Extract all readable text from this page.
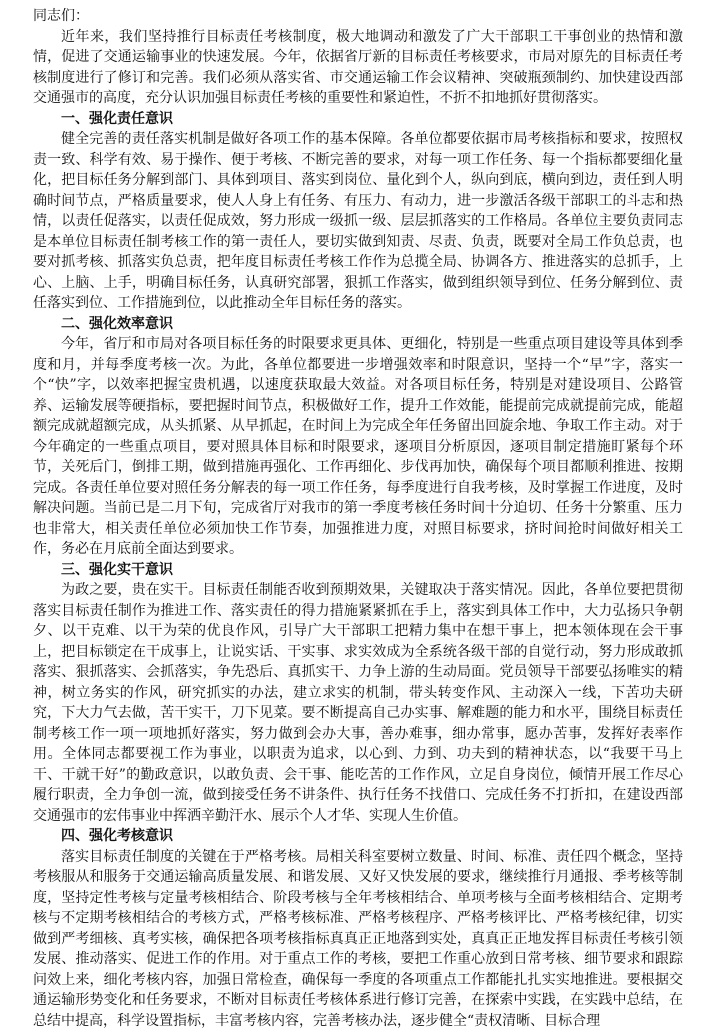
同志们：

近年来，我们坚持推行目标责任考核制度，极大地调动和激发了广大干部职工干事创业的热情和激情，促进了交通运输事业的快速发展。今年，依据省厅新的目标责任考核要求，市局对原先的目标责任考核制度进行了修订和完善。我们必须从落实省、市交通运输工作会议精神、突破瓶颈制约、加快建设西部交通强市的高度，充分认识加强目标责任考核的重要性和紧迫性，不折不扣地抓好贯彻落实。

一、强化责任意识

健全完善的责任落实机制是做好各项工作的基本保障。各单位都要依据市局考核指标和要求，按照权责一致、科学有效、易于操作、便于考核、不断完善的要求，对每一项工作任务、每一个指标都要细化量化，把目标任务分解到部门、具体到项目、落实到岗位、量化到个人，纵向到底，横向到边，责任到人明确时间节点，严格质量要求，使人人身上有任务、有压力、有动力，进一步激活各级干部职工的斗志和热情，以责任促落实，以责任促成效，努力形成一级抓一级、层层抓落实的工作格局。各单位主要负责同志是本单位目标责任制考核工作的第一责任人，要切实做到知责、尽责、负责，既要对全局工作负总责，也要对抓考核、抓落实负总责，把年度目标责任考核工作作为总揽全局、协调各方、推进落实的总抓手，上心、上脑、上手，明确目标任务，认真研究部署，狠抓工作落实，做到组织领导到位、任务分解到位、责任落实到位、工作措施到位，以此推动全年目标任务的落实。

二、强化效率意识

今年，省厅和市局对各项目标任务的时限要求更具体、更细化，特别是一些重点项目建设等具体到季度和月，并每季度考核一次。为此，各单位都要进一步增强效率和时限意识，坚持一个“早”字，落实一个“快”字，以效率把握宝贵机遇，以速度获取最大效益。对各项目标任务，特别是对建设项目、公路管养、运输发展等硬指标，要把握时间节点，积极做好工作，提升工作效能，能提前完成就提前完成，能超额完成就超额完成，从头抓紧、从早抓起，在时间上为完成全年任务留出回旋余地、争取工作主动。对于今年确定的一些重点项目，要对照具体目标和时限要求，逐项目分析原因，逐项目制定措施盯紧每个环节，关死后门，倒排工期，做到措施再强化、工作再细化、步伐再加快，确保每个项目都顺利推进、按期完成。各责任单位要对照任务分解表的每一项工作任务，每季度进行自我考核，及时掌握工作进度，及时解决问题。当前已是二月下旬，完成省厅对我市的第一季度考核任务时间十分迫切、任务十分繁重、压力也非常大，相关责任单位必须加快工作节奏，加强推进力度，对照目标要求，挤时间抢时间做好相关工作，务必在月底前全面达到要求。

三、强化实干意识

为政之要，贵在实干。目标责任制能否收到预期效果，关键取决于落实情况。因此，各单位要把贯彻落实目标责任制作为推进工作、落实责任的得力措施紧紧抓在手上，落实到具体工作中，大力弘扬只争朝夕、以干克难、以干为荣的优良作风，引导广大干部职工把精力集中在想干事上，把本领体现在会干事上，把目标锁定在干成事上，让说实话、干实事、求实效成为全系统各级干部的自觉行动，努力形成敢抓落实、狠抓落实、会抓落实，争先恐后、真抓实干、力争上游的生动局面。党员领导干部要弘扬唯实的精神，树立务实的作风，研究抓实的办法，建立求实的机制，带头转变作风、主动深入一线，下苦功夫研究，下大力气去做，苦干实干，刀下见菜。要不断提高自己办实事、解难题的能力和水平，围绕目标责任制考核工作一项一项地抓好落实，努力做到会办大事，善办难事，细办常事，愿办苦事，发挥好表率作用。全体同志都要视工作为事业，以职责为追求，以心到、力到、功夫到的精神状态，以“我要干马上干、干就干好”的勤政意识，以敢负责、会干事、能吃苦的工作作风，立足自身岗位，倾情开展工作尽心履行职责，全力争创一流，做到接受任务不讲条件、执行任务不找借口、完成任务不打折扣，在建设西部交通强市的宏伟事业中挥洒辛勤汗水、展示个人才华、实现人生价值。

四、强化考核意识

落实目标责任制度的关键在于严格考核。局相关科室要树立数量、时间、标准、责任四个概念，坚持考核服从和服务于交通运输高质量发展、和谐发展、又好又快发展的要求，继续推行月通报、季考核等制度，坚持定性考核与定量考核相结合、阶段考核与全年考核相结合、单项考核与全面考核相结合、定期考核与不定期考核相结合的考核方式，严格考核标准、严格考核程序、严格考核评比、严格考核纪律，切实做到严考细核、真考实核，确保把各项考核指标真真正正地落到实处，真真正正地发挥目标责任考核引领发展、推动落实、促进工作的作用。对于重点工作的考核，要把工作重心放到日常考核、细节要求和跟踪问效上来，细化考核内容，加强日常检查，确保每一季度的各项重点工作都能扎扎实实地推进。要根据交通运输形势变化和任务要求，不断对目标责任考核体系进行修订完善，在探索中实践，在实践中总结，在总结中提高，科学设置指标，丰富考核内容，完善考核办法，逐步健全“责权清晰、目标合理
